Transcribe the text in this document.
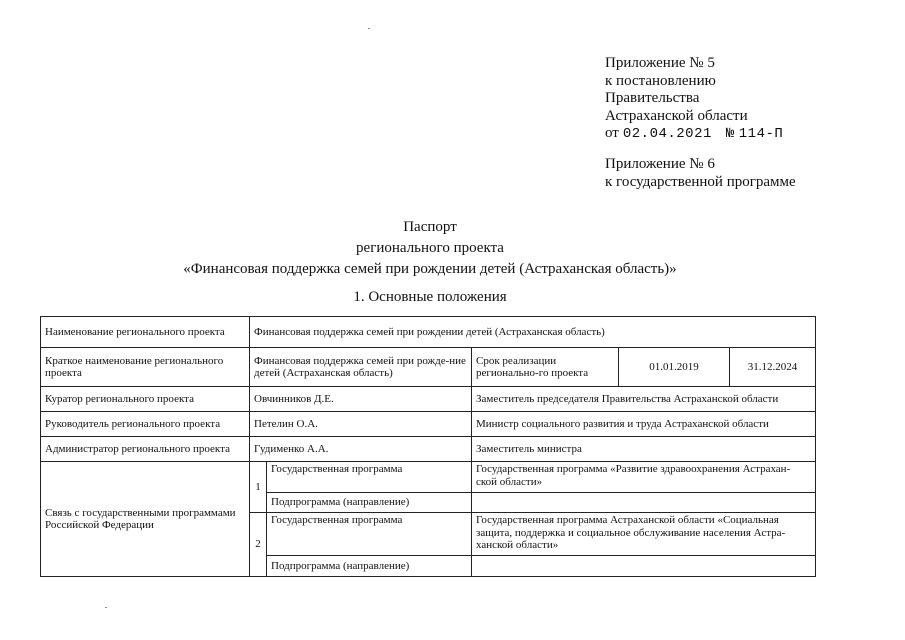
Приложение № 5
к постановлению
Правительства
Астраханской области
от 02.04.2021 № 114-П
Приложение № 6
к государственной программе
Паспорт
регионального проекта
«Финансовая поддержка семей при рождении детей (Астраханская область)»
1. Основные положения
Наименование регионального проекта	Финансовая поддержка семей при рождении детей (Астраханская область)				
Краткое наименование регионального проекта	Финансовая поддержка семей при рожде-ние детей (Астраханская область)		Срок реализации регионально-го проекта	01.01.2019	31.12.2024
Куратор регионального проекта	Овчинников Д.Е.		Заместитель председателя Правительства Астраханской области		
Руководитель регионального проекта	Петелин О.А.		Министр социального развития и труда Астраханской области		
Администратор регионального проекта	Гудименко А.А.		Заместитель министра		
Связь с государственными программами Российской Федерации	1	Государственная программа	Государственная программа «Развитие здравоохранения Астрахан-ской области»		
		Подпрограмма (направление)			
	2	Государственная программа	Государственная программа Астраханской области «Социальная защита, поддержка и социальное обслуживание населения Астра-ханской области»		
		Подпрограмма (направление)			
